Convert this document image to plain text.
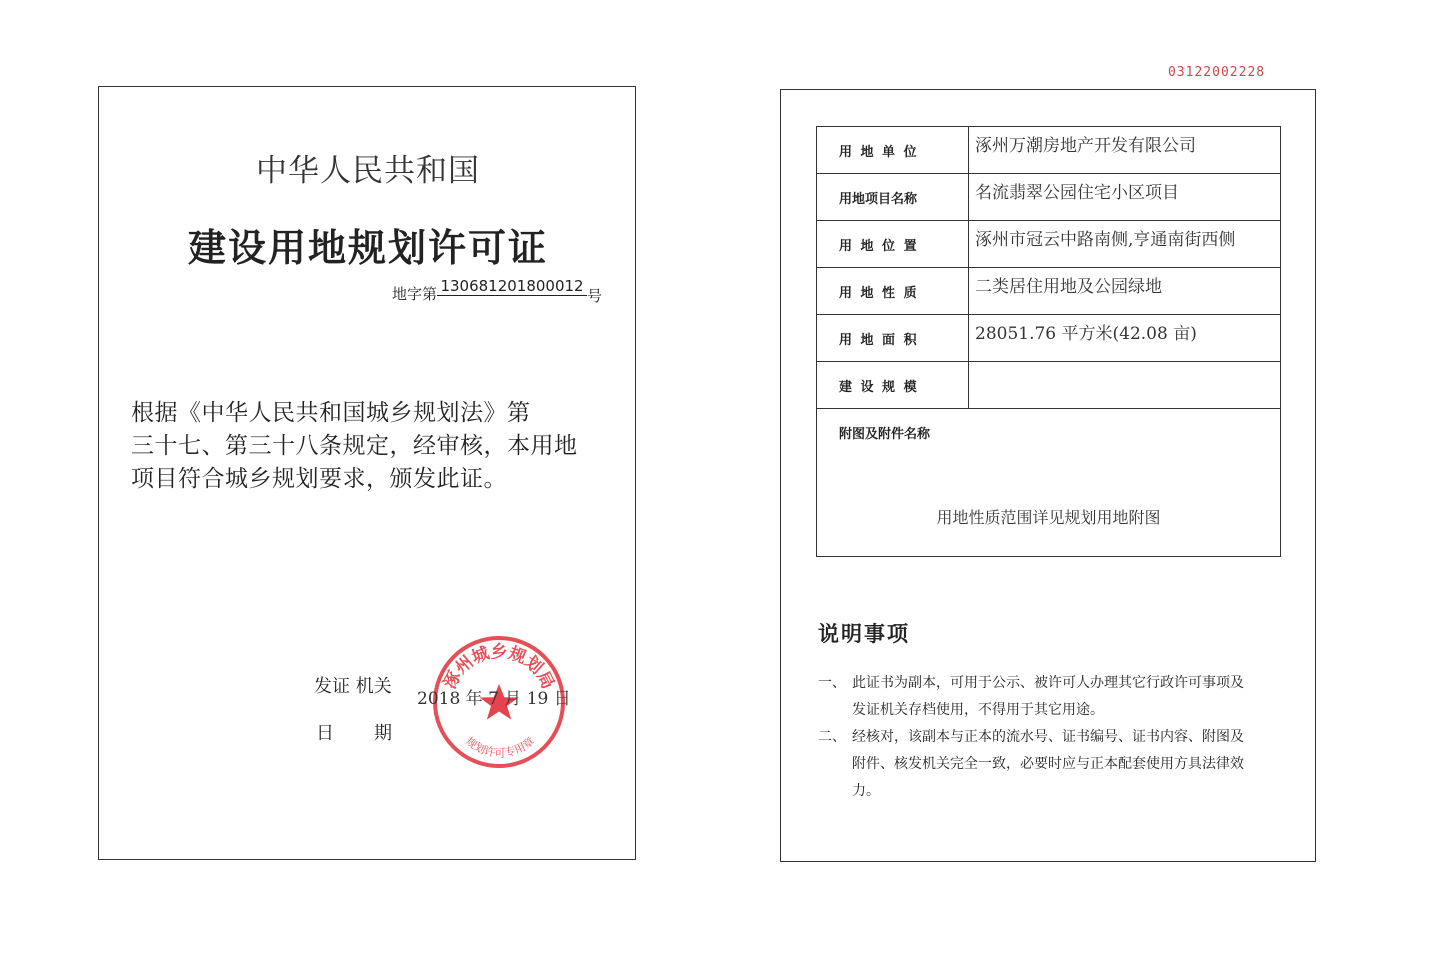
中华人民共和国
建设用地规划许可证
地字第 130681201800012号
根据《中华人民共和国城乡规划法》第
三十七、第三十八条规定，经审核，本用地
项目符合城乡规划要求，颁发此证。
发证 机关
日 期
涿州城乡规划局
规划许可专用章
2018 年 7 月 19 日
03122002228
用 地 单 位	涿州万潮房地产开发有限公司
用地项目名称	名流翡翠公园住宅小区项目
用 地 位 置	涿州市冠云中路南侧,亨通南街西侧
用 地 性 质	二类居住用地及公园绿地
用 地 面 积	28051.76 平方米(42.08 亩)
建 设 规 模	

附图及附件名称
用地性质范围详见规划用地附图	
说明事项
一、 此证书为副本，可用于公示、被许可人办理其它行政许可事项及
发证机关存档使用，不得用于其它用途。
二、 经核对，该副本与正本的流水号、证书编号、证书内容、附图及
附件、核发机关完全一致，必要时应与正本配套使用方具法律效
力。
